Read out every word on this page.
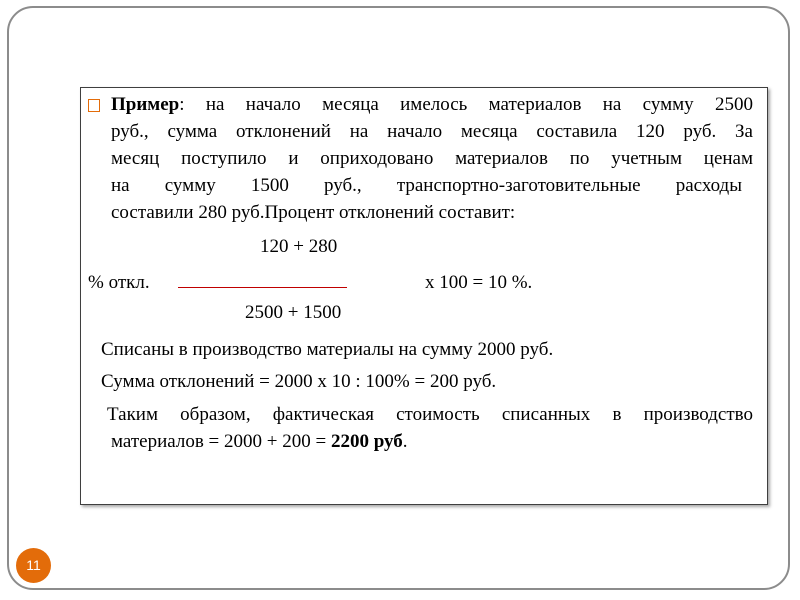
Пример: на начало месяца имелось материалов на сумму 2500
руб., сумма отклонений на начало месяца составила 120 руб. За
месяц поступило и оприходовано материалов по учетным ценам
на сумму 1500 руб., транспортно-заготовительные расходы
составили 280 руб.Процент отклонений составит:
120 + 280
% откл.	х 100 = 10 %.
2500 + 1500
Списаны в производство материалы на сумму 2000 руб.
Сумма отклонений = 2000 х 10 : 100% = 200 руб.
Таким образом, фактическая стоимость списанных в производство
материалов = 2000 + 200 = 2200 руб.
11
